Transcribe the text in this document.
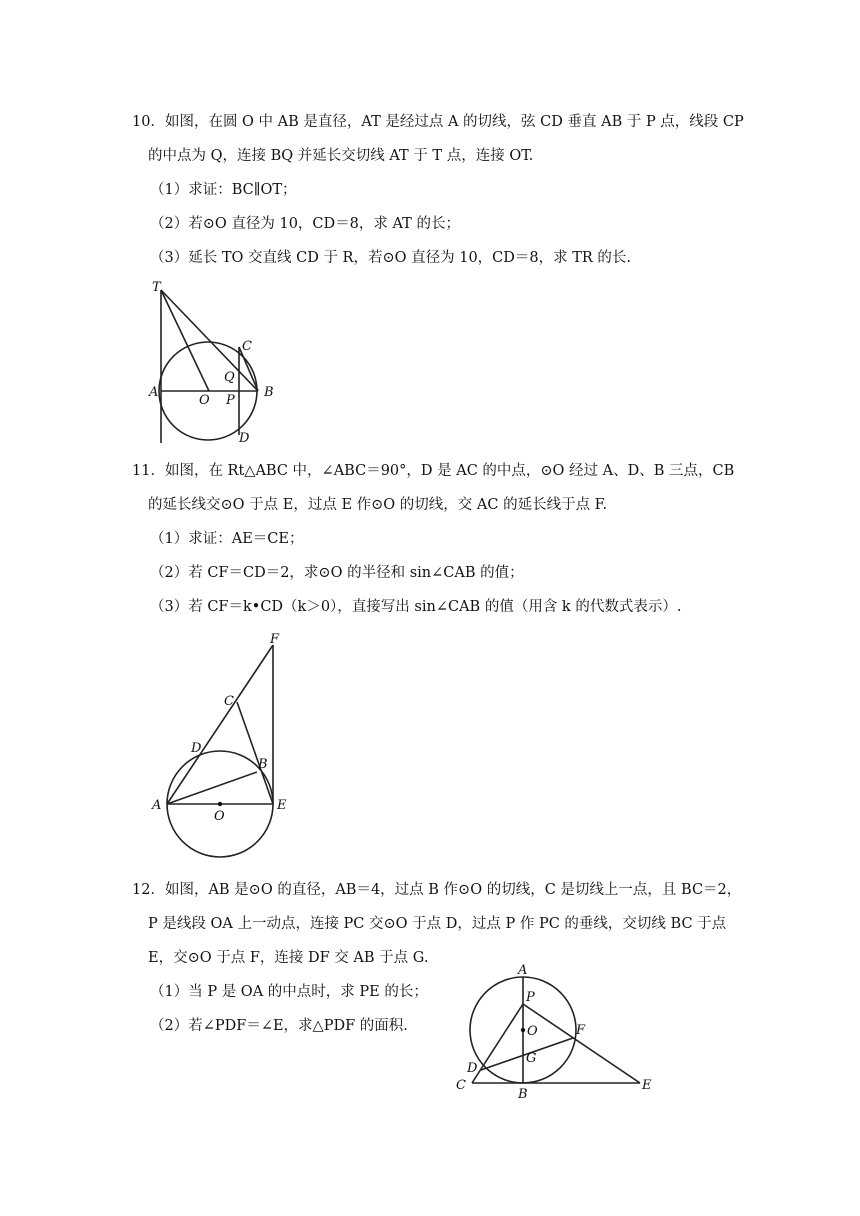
10．如图，在圆 O 中 AB 是直径，AT 是经过点 A 的切线，弦 CD 垂直 AB 于 P 点，线段 CP
的中点为 Q，连接 BQ 并延长交切线 AT 于 T 点，连接 OT.
（1）求证：BC∥OT；
（2）若⊙O 直径为 10，CD＝8，求 AT 的长；
（3）延长 TO 交直线 CD 于 R，若⊙O 直径为 10，CD＝8，求 TR 的长.
T
C
Q
A
O P
B
D
11．如图，在 Rt△ABC 中，∠ABC＝90°，D 是 AC 的中点，⊙O 经过 A、D、B 三点，CB
的延长线交⊙O 于点 E，过点 E 作⊙O 的切线，交 AC 的延长线于点 F.
（1）求证：AE＝CE；
（2）若 CF＝CD＝2，求⊙O 的半径和 sin∠CAB 的值；
（3）若 CF＝k•CD（k＞0），直接写出 sin∠CAB 的值（用含 k 的代数式表示）.
F
C
D
B
A
O
E
12．如图，AB 是⊙O 的直径，AB＝4，过点 B 作⊙O 的切线，C 是切线上一点，且 BC＝2，
P 是线段 OA 上一动点，连接 PC 交⊙O 于点 D，过点 P 作 PC 的垂线，交切线 BC 于点
E，交⊙O 于点 F，连接 DF 交 AB 于点 G.
（1）当 P 是 OA 的中点时，求 PE 的长；
（2）若∠PDF＝∠E，求△PDF 的面积.
A
P
O	F
G
D
C
B
E
